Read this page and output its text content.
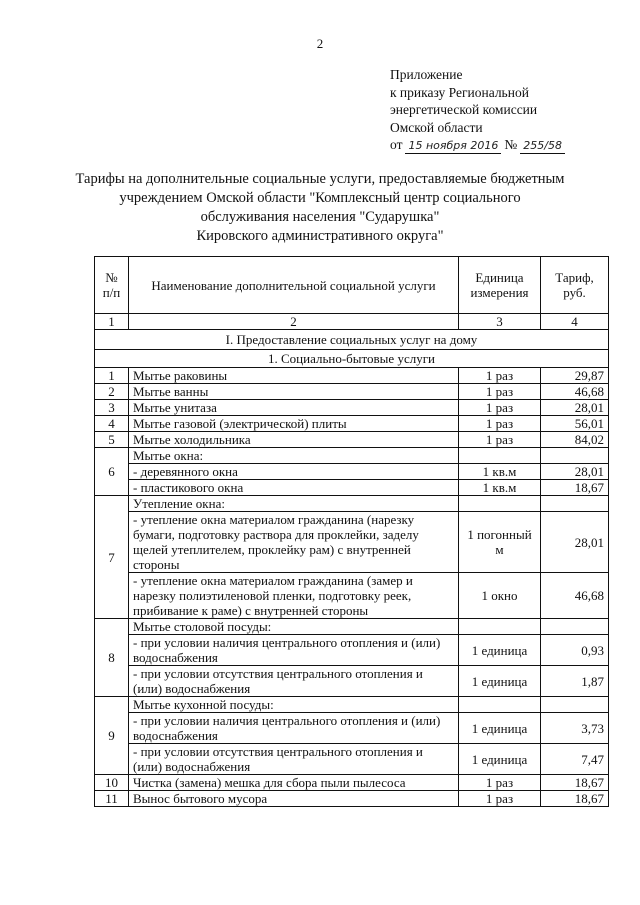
2
Приложение
к приказу Региональной
энергетической комиссии
Омской области
от 15 ноября 2016 № 255/58
Тарифы на дополнительные социальные услуги, предоставляемые бюджетным
учреждением Омской области "Комплексный центр социального
обслуживания населения "Сударушка"
Кировского административного округа"
№ п/п	Наименование дополнительной социальной услуги	Единица измерения	Тариф, руб.
1	2	3	4
I. Предоставление социальных услуг на дому			
1. Социально-бытовые услуги			
1	Мытье раковины	1 раз	29,87
2	Мытье ванны	1 раз	46,68
3	Мытье унитаза	1 раз	28,01
4	Мытье газовой (электрической) плиты	1 раз	56,01
5	Мытье холодильника	1 раз	84,02
6	Мытье окна:		
	- деревянного окна	1 кв.м	28,01
	- пластикового окна	1 кв.м	18,67
7	Утепление окна:		
	- утепление окна материалом гражданина (нарезку бумаги, подготовку раствора для проклейки, заделу щелей утеплителем, проклейку рам) с внутренней стороны	1 погонный м	28,01
	- утепление окна материалом гражданина (замер и нарезку полиэтиленовой пленки, подготовку реек, прибивание к раме) с внутренней стороны	1 окно	46,68
8	Мытье столовой посуды:		
	- при условии наличия центрального отопления и (или) водоснабжения	1 единица	0,93
	- при условии отсутствия центрального отопления и (или) водоснабжения	1 единица	1,87
9	Мытье кухонной посуды:		
	- при условии наличия центрального отопления и (или) водоснабжения	1 единица	3,73
	- при условии отсутствия центрального отопления и (или) водоснабжения	1 единица	7,47
10	Чистка (замена) мешка для сбора пыли пылесоса	1 раз	18,67
11	Вынос бытового мусора	1 раз	18,67
